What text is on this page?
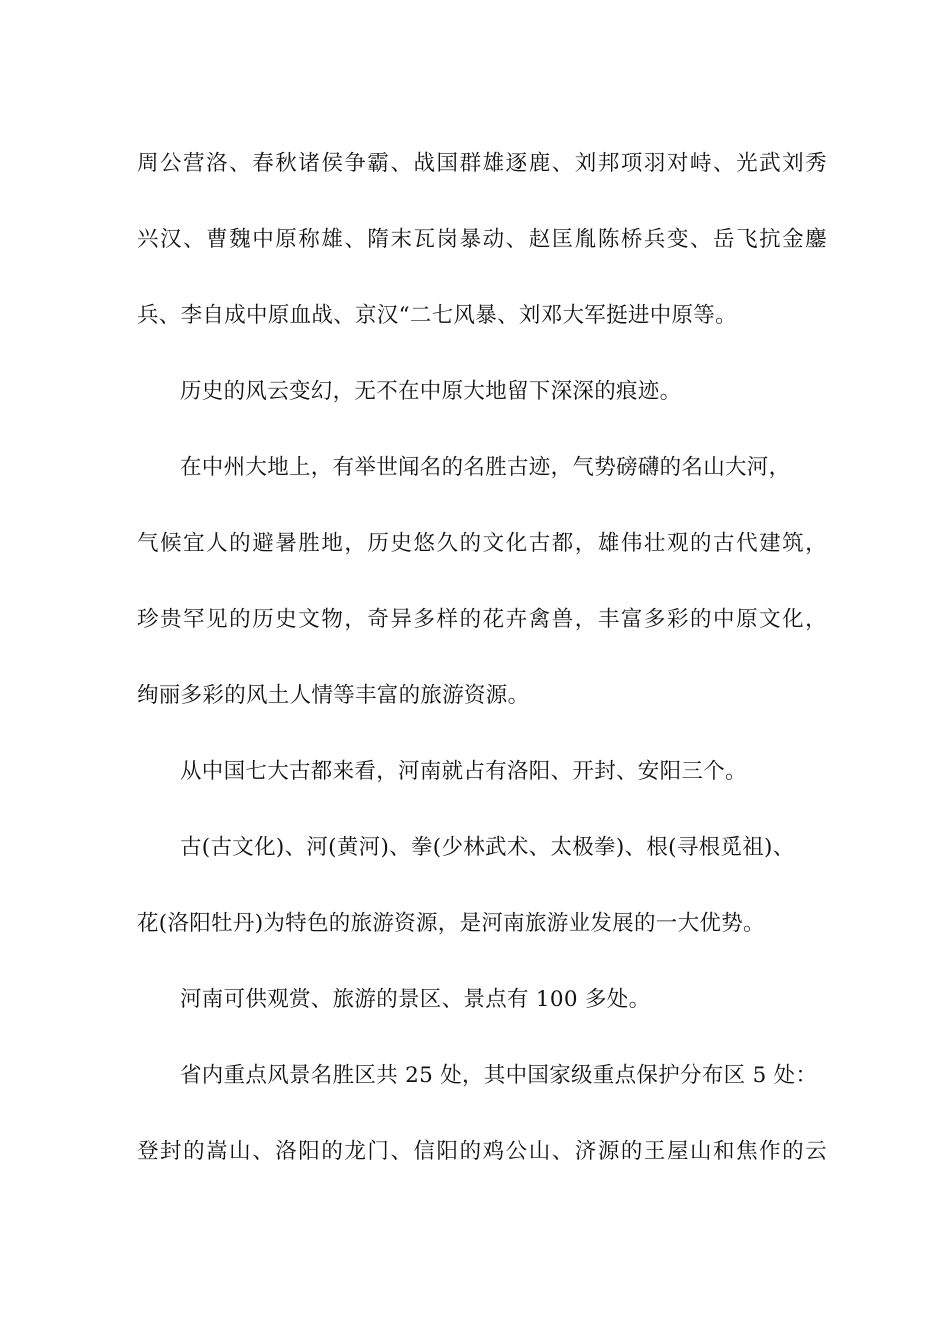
周公营洛、春秋诸侯争霸、战国群雄逐鹿、刘邦项羽对峙、光武刘秀
兴汉、曹魏中原称雄、隋末瓦岗暴动、赵匡胤陈桥兵变、岳飞抗金鏖
兵、李自成中原血战、京汉“二七风暴、刘邓大军挺进中原等。
历史的风云变幻，无不在中原大地留下深深的痕迹。
在中州大地上，有举世闻名的名胜古迹，气势磅礴的名山大河，
气候宜人的避暑胜地，历史悠久的文化古都，雄伟壮观的古代建筑，
珍贵罕见的历史文物，奇异多样的花卉禽兽，丰富多彩的中原文化，
绚丽多彩的风土人情等丰富的旅游资源。
从中国七大古都来看，河南就占有洛阳、开封、安阳三个。
古(古文化)、河(黄河)、拳(少林武术、太极拳)、根(寻根觅祖)、
花(洛阳牡丹)为特色的旅游资源，是河南旅游业发展的一大优势。
河南可供观赏、旅游的景区、景点有 100 多处。
省内重点风景名胜区共 25 处，其中国家级重点保护分布区 5 处：
登封的嵩山、洛阳的龙门、信阳的鸡公山、济源的王屋山和焦作的云
